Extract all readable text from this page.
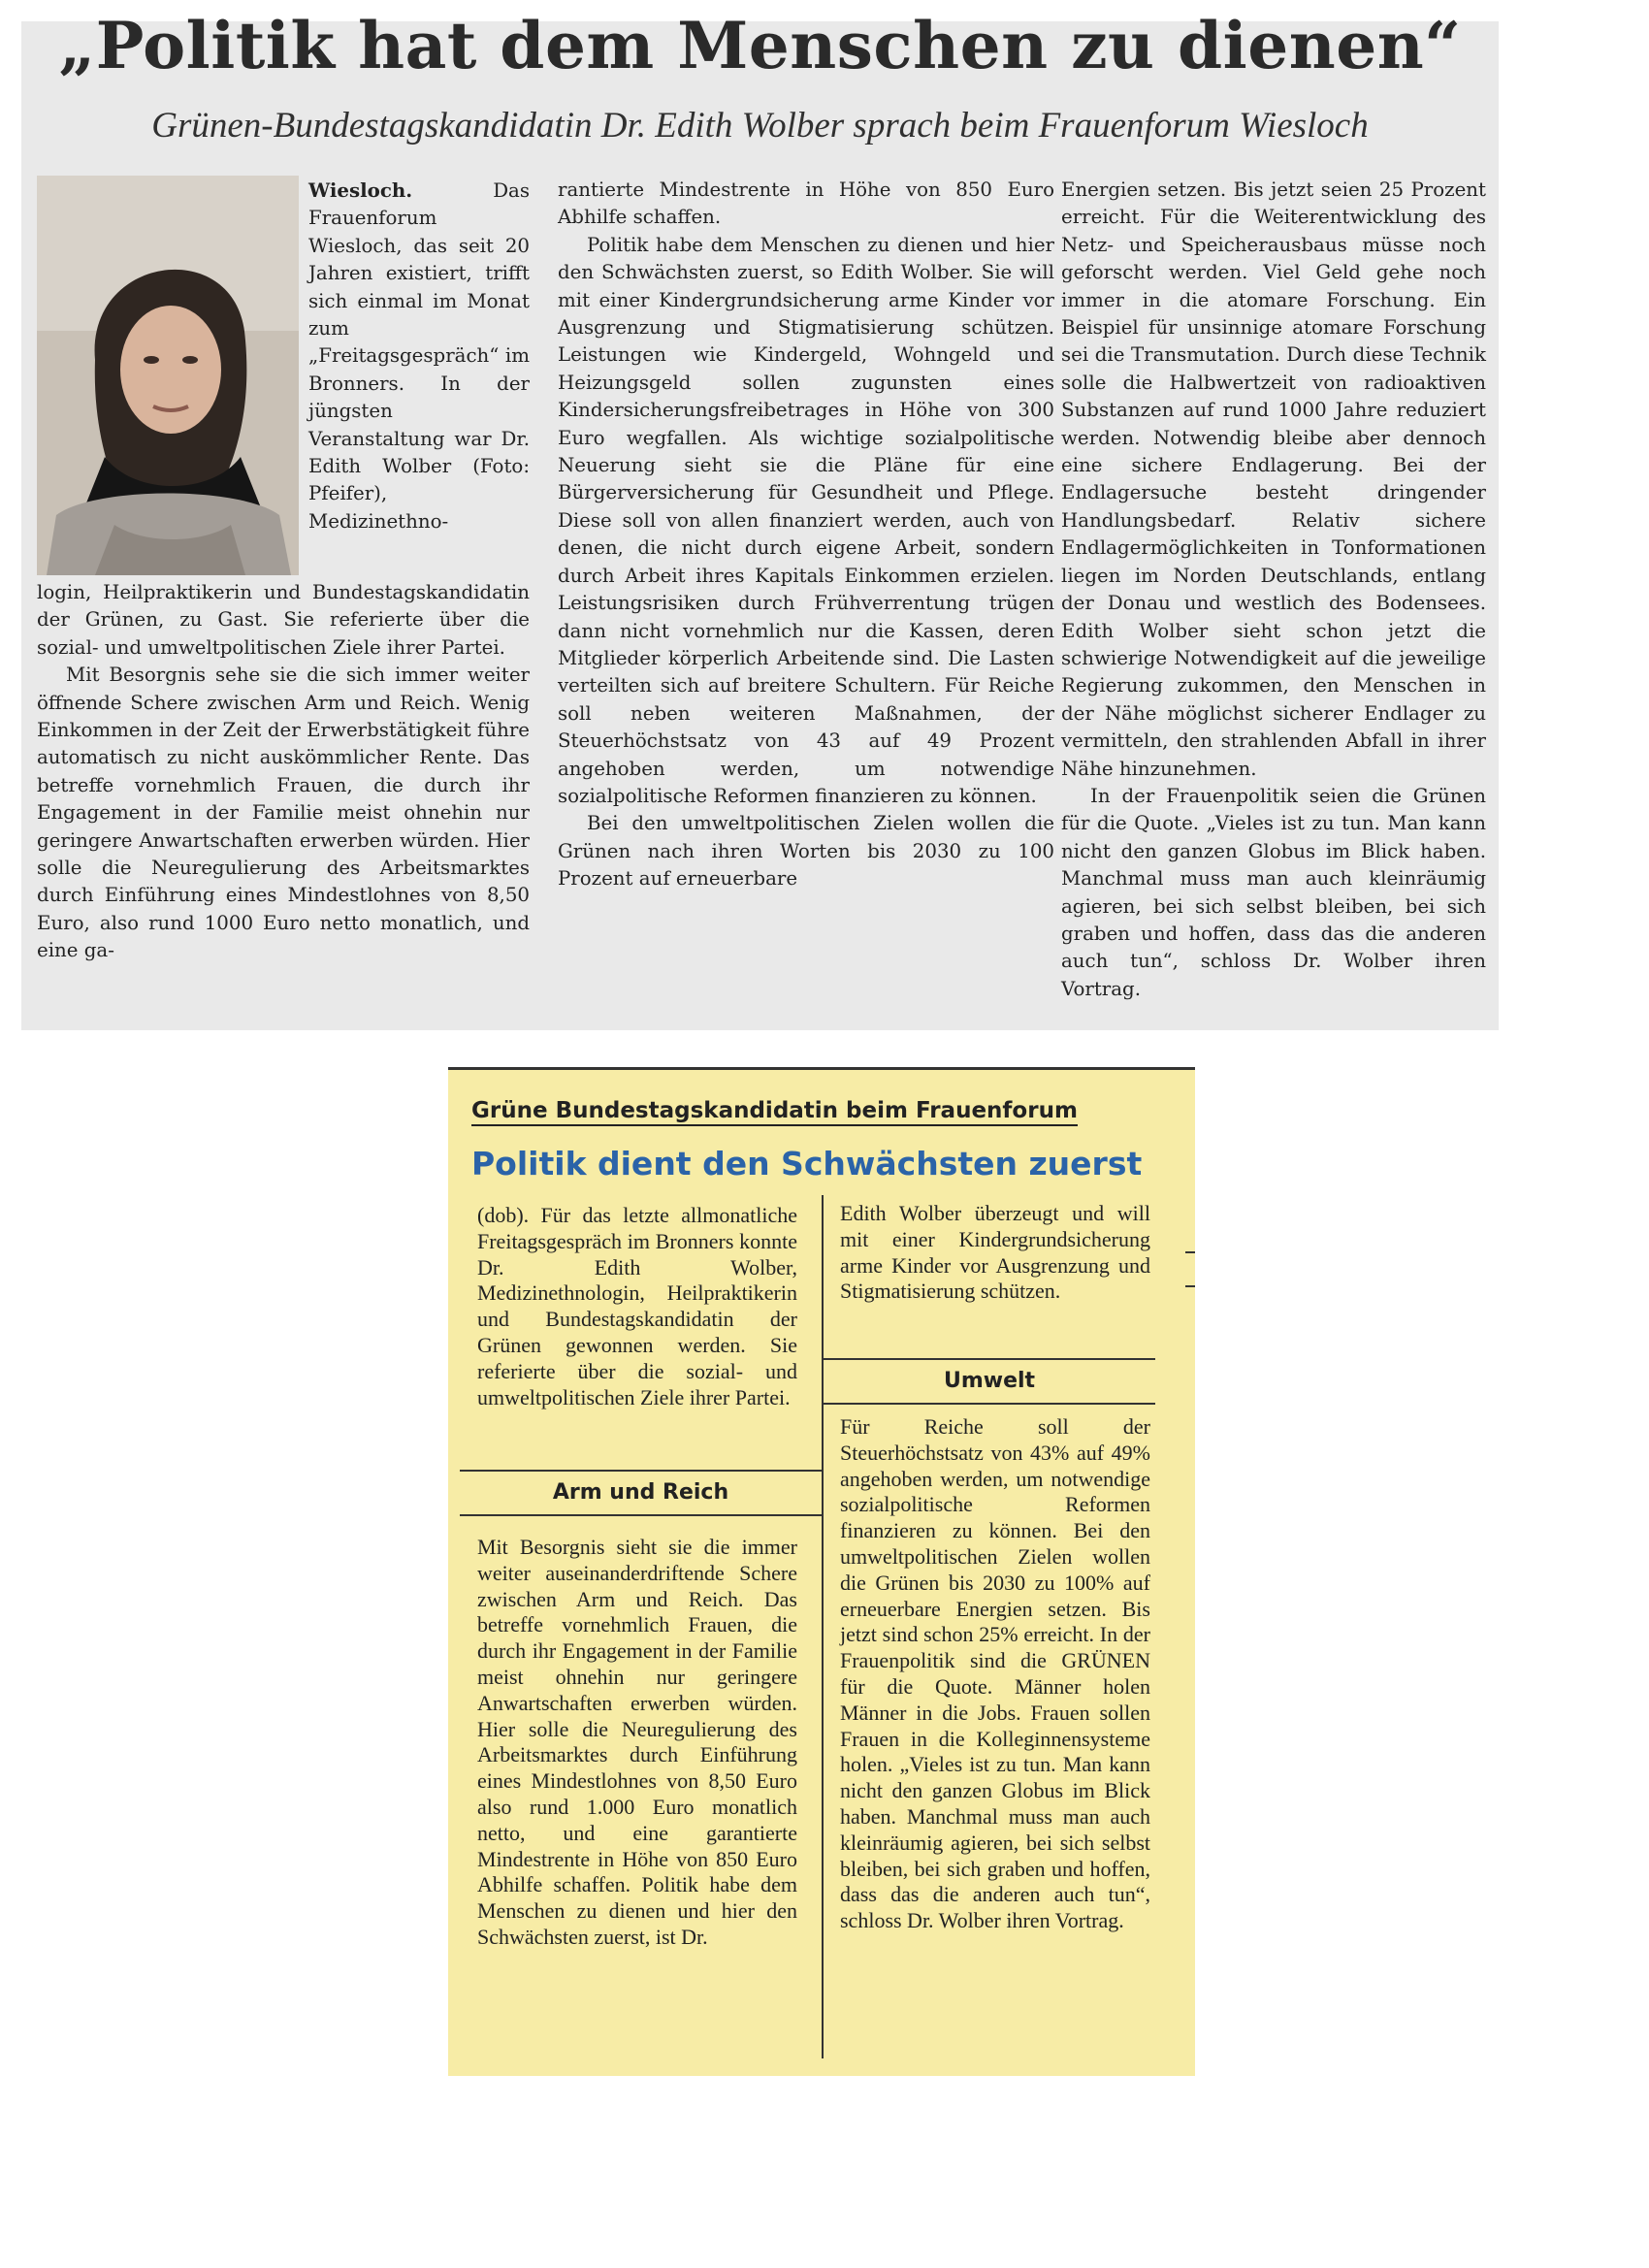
„Politik hat dem Menschen zu dienen“
Grünen-Bundestagskandidatin Dr. Edith Wolber sprach beim Frauenforum Wiesloch

Wiesloch. Das Frauenforum Wiesloch, das seit 20 Jahren existiert, trifft sich einmal im Monat zum „Freitagsgespräch“ im Bronners. In der jüngsten Veranstaltung war Dr. Edith Wolber (Foto: Pfeifer), Medizinethno-

login, Heilpraktikerin und Bundestagskandidatin der Grünen, zu Gast. Sie referierte über die sozial- und umweltpolitischen Ziele ihrer Partei.

Mit Besorgnis sehe sie die sich immer weiter öffnende Schere zwischen Arm und Reich. Wenig Einkommen in der Zeit der Erwerbstätigkeit führe automatisch zu nicht auskömmlicher Rente. Das betreffe vornehmlich Frauen, die durch ihr Engagement in der Familie meist ohnehin nur geringere Anwartschaften erwerben würden. Hier solle die Neuregulierung des Arbeitsmarktes durch Einführung eines Mindestlohnes von 8,50 Euro, also rund 1000 Euro netto monatlich, und eine ga-

rantierte Mindestrente in Höhe von 850 Euro Abhilfe schaffen.

Politik habe dem Menschen zu dienen und hier den Schwächsten zuerst, so Edith Wolber. Sie will mit einer Kindergrundsicherung arme Kinder vor Ausgrenzung und Stigmatisierung schützen. Leistungen wie Kindergeld, Wohngeld und Heizungsgeld sollen zugunsten eines Kindersicherungsfreibetrages in Höhe von 300 Euro wegfallen. Als wichtige sozialpolitische Neuerung sieht sie die Pläne für eine Bürgerversicherung für Gesundheit und Pflege. Diese soll von allen finanziert werden, auch von denen, die nicht durch eigene Arbeit, sondern durch Arbeit ihres Kapitals Einkommen erzielen. Leistungsrisiken durch Frühverrentung trügen dann nicht vornehmlich nur die Kassen, deren Mitglieder körperlich Arbeitende sind. Die Lasten verteilten sich auf breitere Schultern. Für Reiche soll neben weiteren Maßnahmen, der Steuerhöchstsatz von 43 auf 49 Prozent angehoben werden, um notwendige sozialpolitische Reformen finanzieren zu können.

Bei den umweltpolitischen Zielen wollen die Grünen nach ihren Worten bis 2030 zu 100 Prozent auf erneuerbare

Energien setzen. Bis jetzt seien 25 Prozent erreicht. Für die Weiterentwicklung des Netz- und Speicherausbaus müsse noch geforscht werden. Viel Geld gehe noch immer in die atomare Forschung. Ein Beispiel für unsinnige atomare Forschung sei die Transmutation. Durch diese Technik solle die Halbwertzeit von radioaktiven Substanzen auf rund 1000 Jahre reduziert werden. Notwendig bleibe aber dennoch eine sichere Endlagerung. Bei der Endlagersuche besteht dringender Handlungsbedarf. Relativ sichere Endlagermöglichkeiten in Tonformationen liegen im Norden Deutschlands, entlang der Donau und westlich des Bodensees. Edith Wolber sieht schon jetzt die schwierige Notwendigkeit auf die jeweilige Regierung zukommen, den Menschen in der Nähe möglichst sicherer Endlager zu vermitteln, den strahlenden Abfall in ihrer Nähe hinzunehmen.

In der Frauenpolitik seien die Grünen für die Quote. „Vieles ist zu tun. Man kann nicht den ganzen Globus im Blick haben. Manchmal muss man auch kleinräumig agieren, bei sich selbst bleiben, bei sich graben und hoffen, dass das die anderen auch tun“, schloss Dr. Wolber ihren Vortrag.

Grüne Bundestagskandidatin beim Frauenforum
Politik dient den Schwächsten zuerst

(dob). Für das letzte allmonatliche Freitagsgespräch im Bronners konnte Dr. Edith Wolber, Medizinethnologin, Heilpraktikerin und Bundestagskandidatin der Grünen gewonnen werden. Sie referierte über die sozial- und umweltpolitischen Ziele ihrer Partei.

Arm und Reich

Mit Besorgnis sieht sie die immer weiter auseinanderdriftende Schere zwischen Arm und Reich. Das betreffe vornehmlich Frauen, die durch ihr Engagement in der Familie meist ohnehin nur geringere Anwartschaften erwerben würden. Hier solle die Neuregulierung des Arbeitsmarktes durch Einführung eines Mindestlohnes von 8,50 Euro also rund 1.000 Euro monatlich netto, und eine garantierte Mindestrente in Höhe von 850 Euro Abhilfe schaffen. Politik habe dem Menschen zu dienen und hier den Schwächsten zuerst, ist Dr.

Edith Wolber überzeugt und will mit einer Kindergrundsicherung arme Kinder vor Ausgrenzung und Stigmatisierung schützen.

Umwelt

Für Reiche soll der Steuerhöchstsatz von 43% auf 49% angehoben werden, um notwendige sozialpolitische Reformen finanzieren zu können. Bei den umweltpolitischen Zielen wollen die Grünen bis 2030 zu 100% auf erneuerbare Energien setzen. Bis jetzt sind schon 25% erreicht. In der Frauenpolitik sind die GRÜNEN für die Quote. Männer holen Männer in die Jobs. Frauen sollen Frauen in die Kolleginnensysteme holen. „Vieles ist zu tun. Man kann nicht den ganzen Globus im Blick haben. Manchmal muss man auch kleinräumig agieren, bei sich selbst bleiben, bei sich graben und hoffen, dass das die anderen auch tun“, schloss Dr. Wolber ihren Vortrag.
